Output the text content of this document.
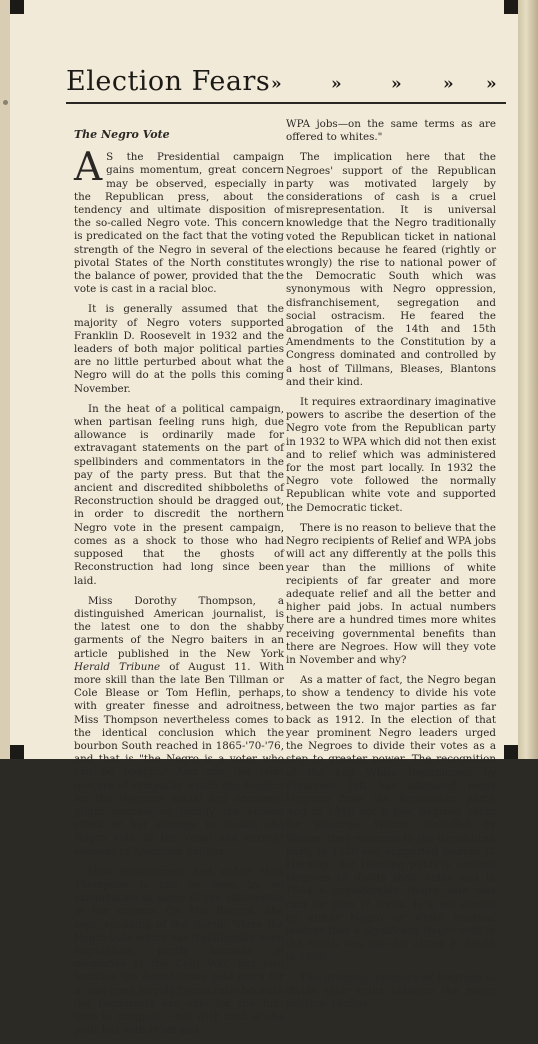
Election Fears »	»	» » »
The Negro Vote

A S the Presidential campaign gains momentum, great concern may be observed, especially in the Republican press, about the tendency and ultimate disposition of the so-called Negro vote. This concern is predicated on the fact that the voting strength of the Negro in several of the pivotal States of the North constitutes the balance of power, provided that the vote is cast in a racial bloc.

It is generally assumed that the majority of Negro voters supported Franklin D. Roosevelt in 1932 and the leaders of both major political parties are no little perturbed about what the Negro will do at the polls this coming November.

In the heat of a political campaign, when partisan feeling runs high, due allowance is ordinarily made for extravagant statements on the part of spellbinders and commentators in the pay of the party press. But that the ancient and discredited shibboleths of Reconstruction should be dragged out, in order to discredit the northern Negro vote in the present campaign, comes as a shock to those who had supposed that the ghosts of Reconstruction had long since been laid.

Miss Dorothy Thompson, a distinguished American journalist, is the latest one to don the shabby garments of the Negro baiters in an article published in the New York Herald Tribune of August 11. With more skill than the late Ben Tillman or Cole Blease or Tom Heflin, perhaps, with greater finesse and adroitness, Miss Thompson nevertheless comes to the identical conclusion which the bourbon South reached in 1865-'70-'76, and that is "the Negro is a voter who can be bought." Nor can the faint gesture of sympathy which she tenders for the Negroes' social and economic plight conceal or modify the vicious effect of her attempt to isolate the Negro vote as the venal and corrupt element of American politics.

How misinformed and unfair Miss Thompson is can be seen by an examination of some of the statements in her column, On The Record. She says, speaking of the North: "Here the Negro vote which has traditionally been Republican, partly because of memories of the Civil War, but also because the Republicans paid more for it, has gone largely Democratic because the Democrats are able for the first time to compete —not with cash at the polls but with relief and

WPA jobs—on the same terms as are offered to whites."

The implication here that the Negroes' support of the Republican party was motivated largely by considerations of cash is a cruel misrepresentation. It is universal knowledge that the Negro traditionally voted the Republican ticket in national elections because he feared (rightly or wrongly) the rise to national power of the Democratic South which was synonymous with Negro oppression, disfranchisement, segregation and social ostracism. He feared the abrogation of the 14th and 15th Amendments to the Constitution by a Congress dominated and controlled by a host of Tillmans, Bleases, Blantons and their kind.

It requires extraordinary imaginative powers to ascribe the desertion of the Negro vote from the Republican party in 1932 to WPA which did not then exist and to relief which was administered for the most part locally. In 1932 the Negro vote followed the normally Republican white vote and supported the Democratic ticket.

There is no reason to believe that the Negro recipients of Relief and WPA jobs will act any differently at the polls this year than the millions of white recipients of far greater and more adequate relief and all the better and higher paid jobs. In actual numbers there are a hundred times more whites receiving governmental benefits than there are Negroes. How will they vote in November and why?

As a matter of fact, the Negro began to show a tendency to divide his vote between the two major parties as far back as 1912. In the election of that year prominent Negro leaders urged the Negroes to divide their votes as a step to greater power. The recognition of the Lily White Republicans by President Taft had alienated many Negroes from the Republican party. And in 1916 not a few Negroes voted for Woodrow Wilson. Rebuffed by Wilson, they returned to the Republican party in 1920 and supported Warren G. Harding. But Harding publicly advised Negroes to divide their votes and in 1924 a considerable Negro vote was cast for John W. Davis. It is not denied by either Negro or white political leaders that a significant Negro vote in the North was cast for Alfred E. Smith in 1928.

The growing tendency of Negroes to divide their votes between the major political parties
